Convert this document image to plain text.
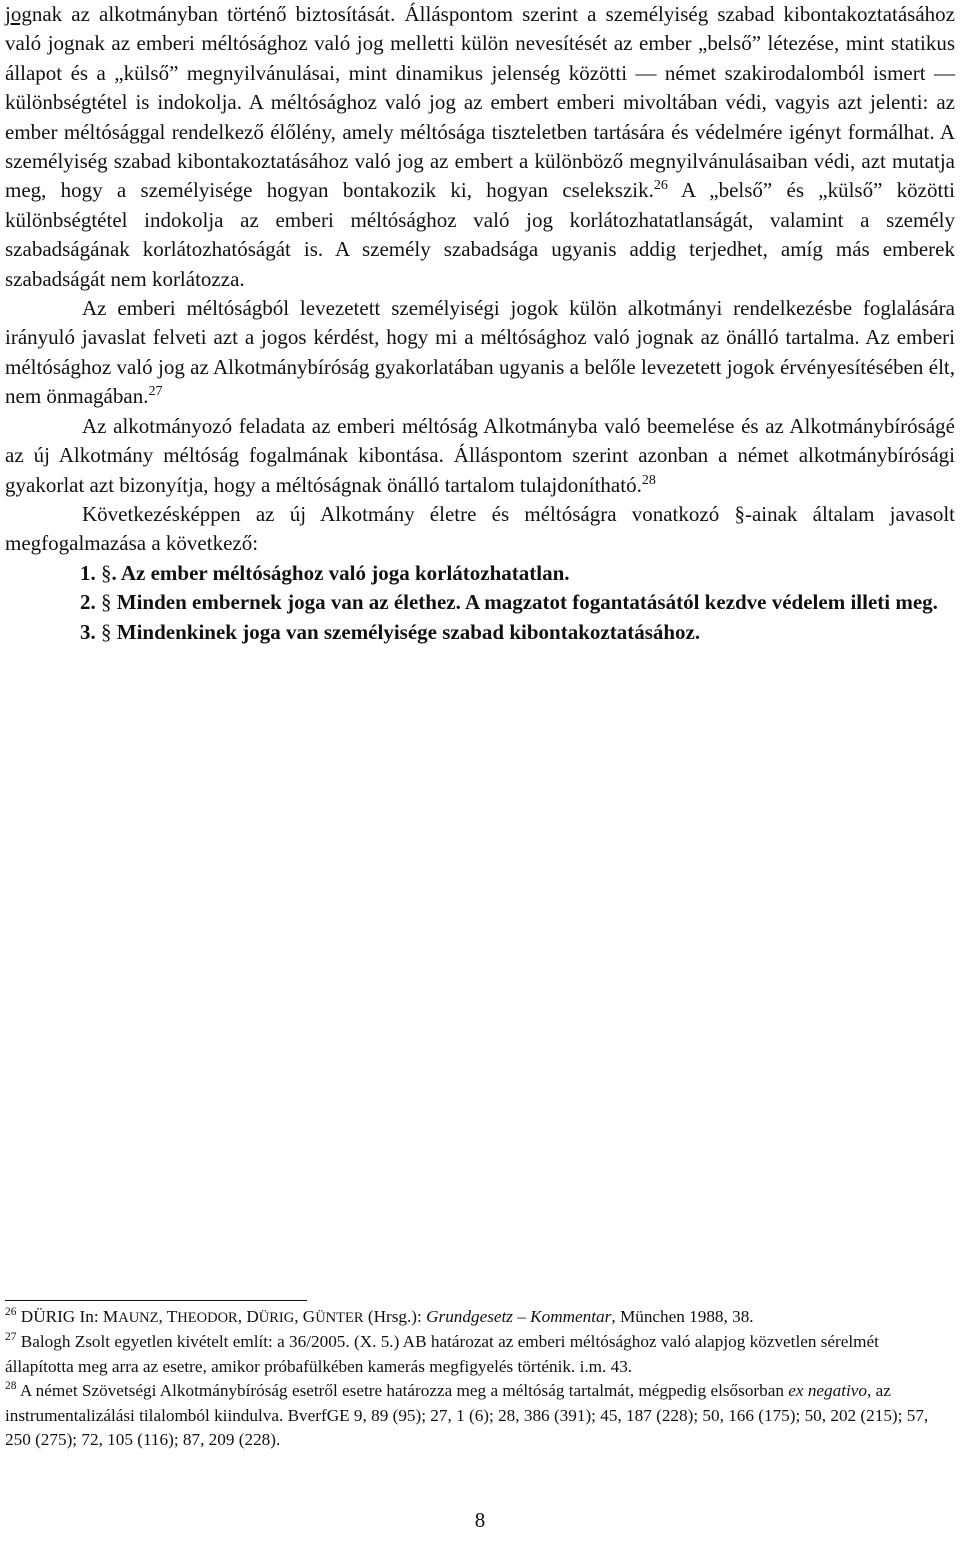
jognak az alkotmányban történő biztosítását. Álláspontom szerint a személyiség szabad kibontakoztatásához való jognak az emberi méltósághoz való jog melletti külön nevesítését az ember „belső” létezése, mint statikus állapot és a „külső” megnyilvánulásai, mint dinamikus jelenség közötti — német szakirodalomból ismert — különbségtétel is indokolja. A méltósághoz való jog az embert emberi mivoltában védi, vagyis azt jelenti: az ember méltósággal rendelkező élőlény, amely méltósága tiszteletben tartására és védelmére igényt formálhat. A személyiség szabad kibontakoztatásához való jog az embert a különböző megnyilvánulásaiban védi, azt mutatja meg, hogy a személyisége hogyan bontakozik ki, hogyan cselekszik.$^{26}$ A „belső” és „külső” közötti különbségtétel indokolja az emberi méltósághoz való jog korlátozhatatlanságát, valamint a személy szabadságának korlátozhatóságát is. A személy szabadsága ugyanis addig terjedhet, amíg más emberek szabadságát nem korlátozza.

Az emberi méltóságból levezetett személyiségi jogok külön alkotmányi rendelkezésbe foglalására irányuló javaslat felveti azt a jogos kérdést, hogy mi a méltósághoz való jognak az önálló tartalma. Az emberi méltósághoz való jog az Alkotmánybíróság gyakorlatában ugyanis a belőle levezetett jogok érvényesítésében élt, nem önmagában.$^{27}$

Az alkotmányozó feladata az emberi méltóság Alkotmányba való beemelése és az Alkotmánybíróságé az új Alkotmány méltóság fogalmának kibontása. Álláspontom szerint azonban a német alkotmánybírósági gyakorlat azt bizonyítja, hogy a méltóságnak önálló tartalom tulajdonítható.$^{28}$

Következésképpen az új Alkotmány életre és méltóságra vonatkozó §-ainak általam javasolt megfogalmazása a következő:

1. §. Az ember méltósághoz való joga korlátozhatatlan.

2. § Minden embernek joga van az élethez. A magzatot fogantatásától kezdve védelem illeti meg.

3. § Mindenkinek joga van személyisége szabad kibontakoztatásához.

$^{26}$ DÜRIG In: MAUNZ, THEODOR, DÜRIG, GÜNTER (Hrsg.): Grundgesetz – Kommentar, München 1988, 38.

$^{27}$ Balogh Zsolt egyetlen kivételt említ: a 36/2005. (X. 5.) AB határozat az emberi méltósághoz való alapjog közvetlen sérelmét állapította meg arra az esetre, amikor próbafülkében kamerás megfigyelés történik. i.m. 43.

$^{28}$ A német Szövetségi Alkotmánybíróság esetről esetre határozza meg a méltóság tartalmát, mégpedig elsősorban ex negativo, az instrumentalizálási tilalomból kiindulva. BverfGE 9, 89 (95); 27, 1 (6); 28, 386 (391); 45, 187 (228); 50, 166 (175); 50, 202 (215); 57, 250 (275); 72, 105 (116); 87, 209 (228).

8
